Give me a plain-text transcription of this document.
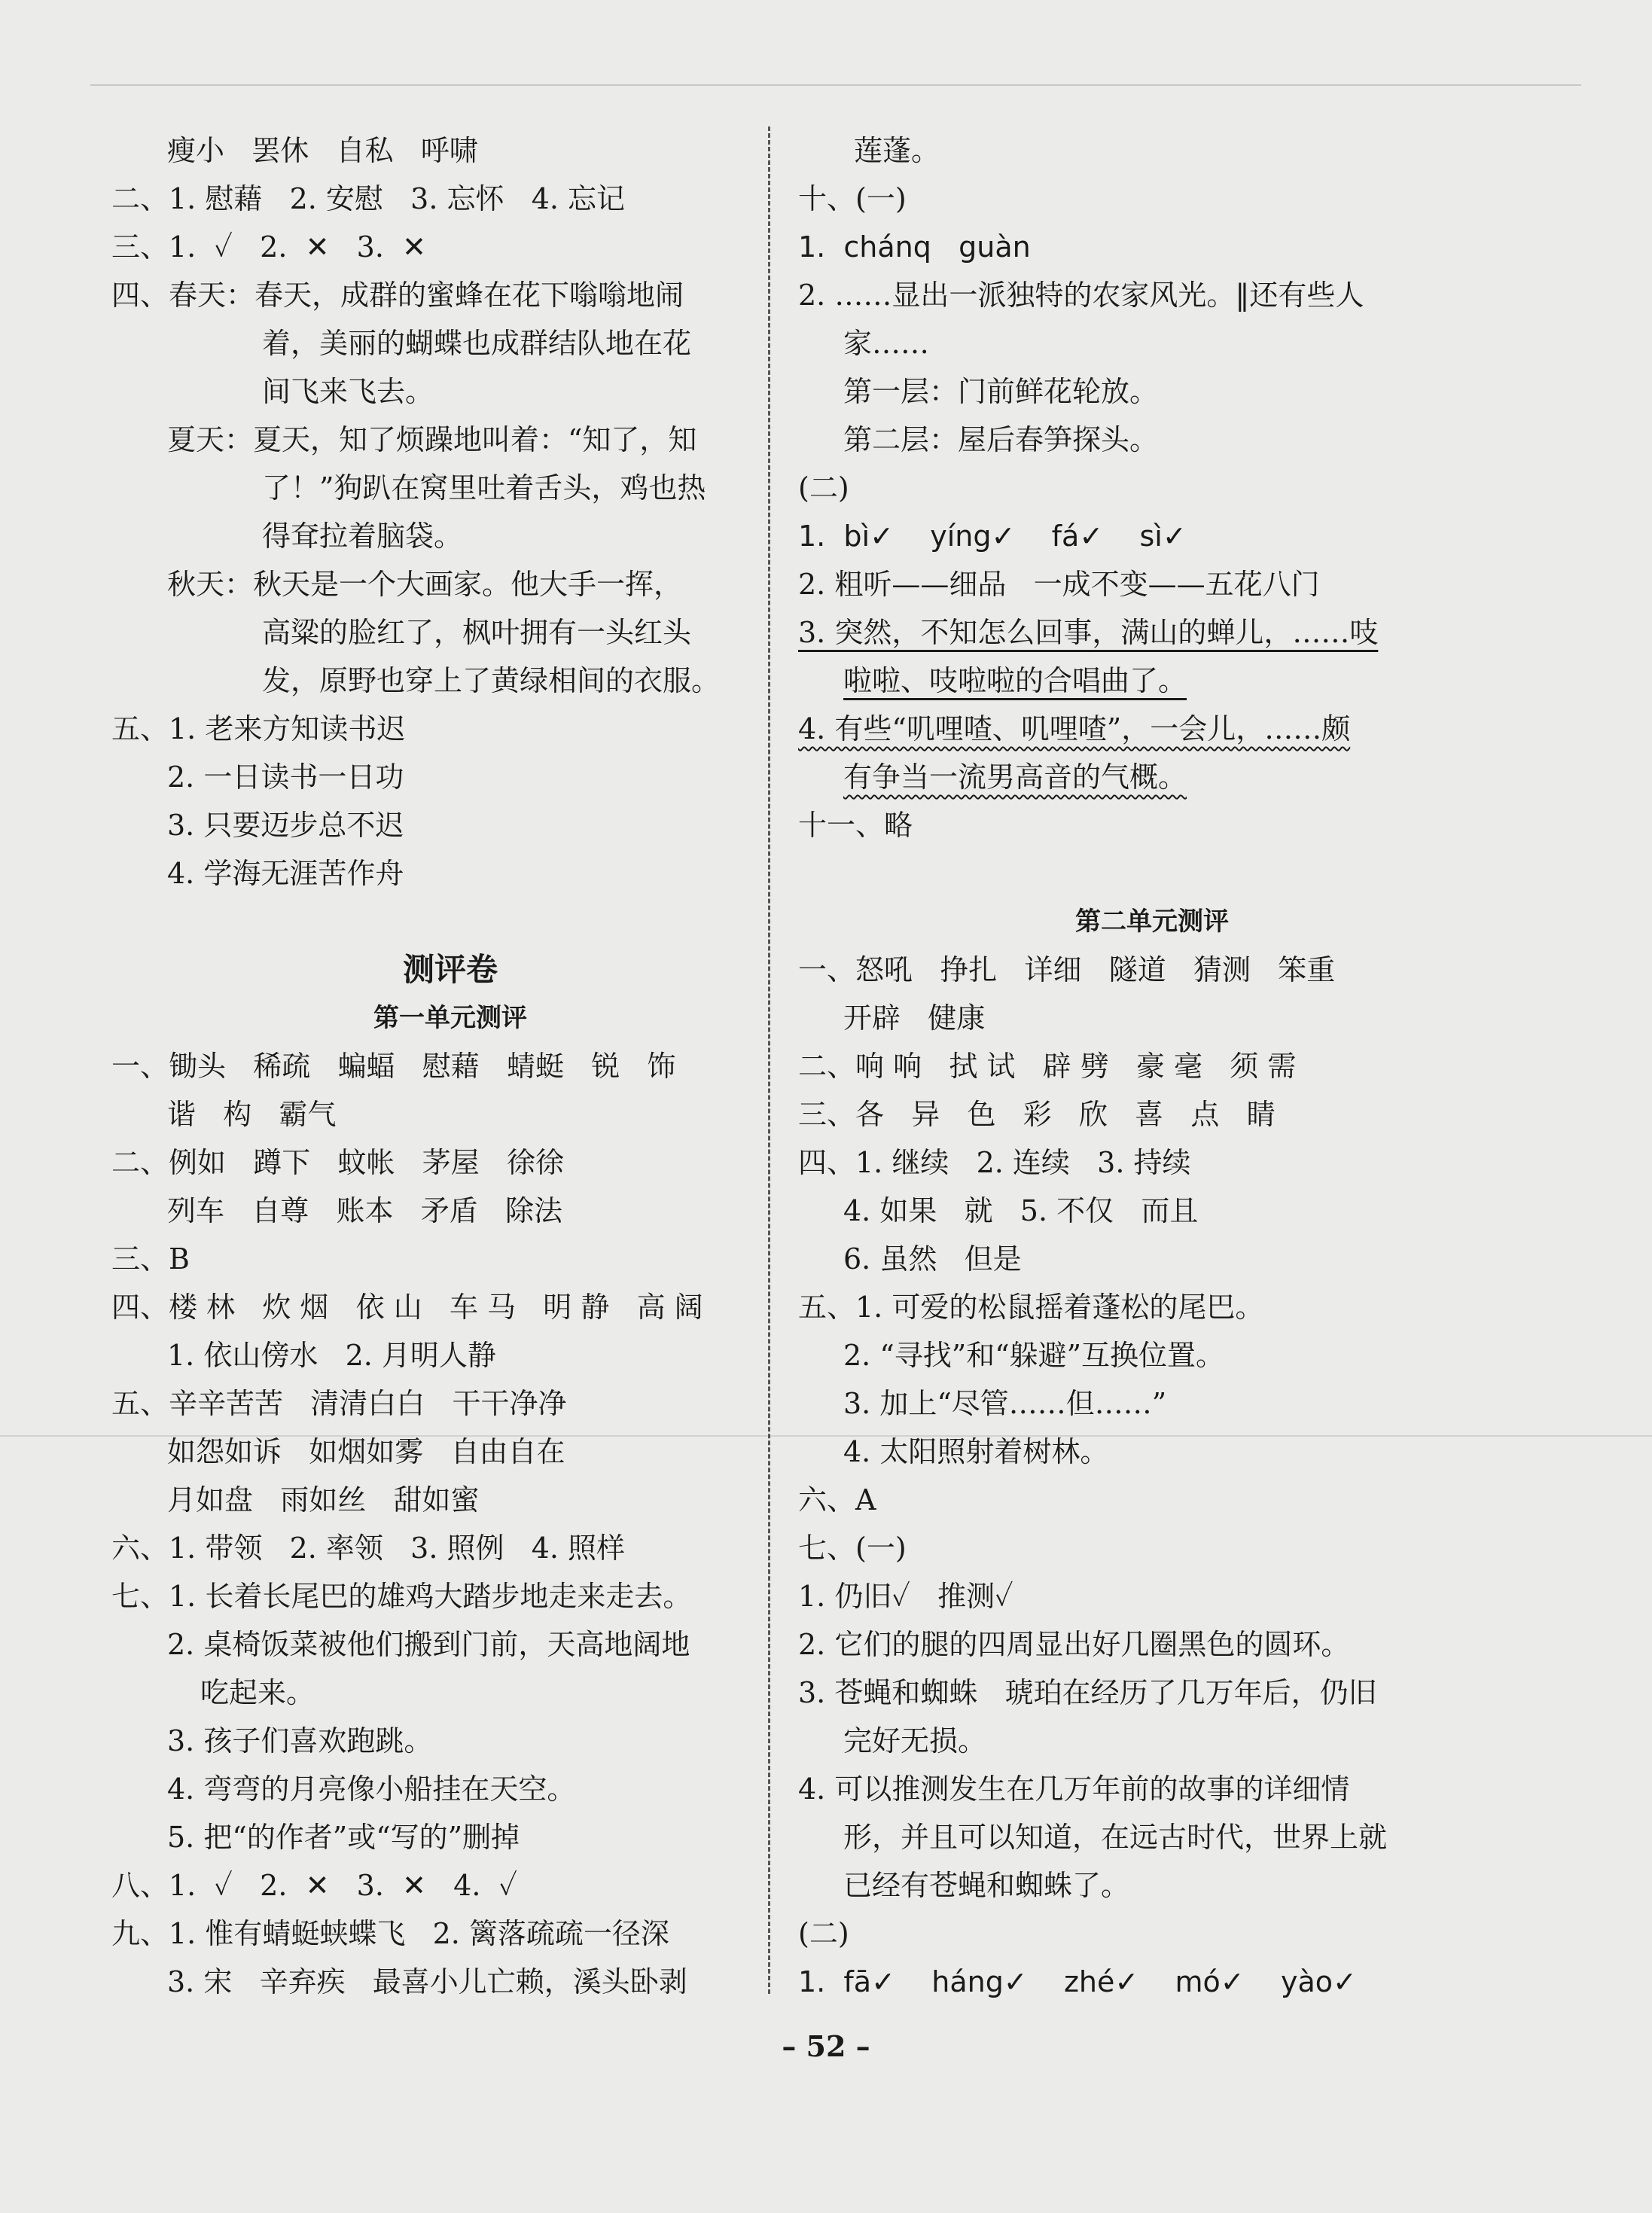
瘦小   罢休   自私   呼啸
二、1. 慰藉   2. 安慰   3. 忘怀   4. 忘记
三、1.  ✓   2.  ✕   3.  ✕
四、春天：春天，成群的蜜蜂在花下嗡嗡地闹
着，美丽的蝴蝶也成群结队地在花
间飞来飞去。
夏天：夏天，知了烦躁地叫着：“知了，知
了！”狗趴在窝里吐着舌头，鸡也热
得耷拉着脑袋。
秋天：秋天是一个大画家。他大手一挥，
高粱的脸红了，枫叶拥有一头红头
发，原野也穿上了黄绿相间的衣服。
五、1. 老来方知读书迟
2. 一日读书一日功
3. 只要迈步总不迟
4. 学海无涯苦作舟
测评卷
第一单元测评
一、锄头   稀疏   蝙蝠   慰藉   蜻蜓   锐   饰
谐   构   霸气
二、例如   蹲下   蚊帐   茅屋   徐徐
列车   自尊   账本   矛盾   除法
三、B
四、楼 林   炊 烟   依 山   车 马   明 静   高 阔
1. 依山傍水   2. 月明人静
五、辛辛苦苦   清清白白   干干净净
如怨如诉   如烟如雾   自由自在
月如盘   雨如丝   甜如蜜
六、1. 带领   2. 率领   3. 照例   4. 照样
七、1. 长着长尾巴的雄鸡大踏步地走来走去。
2. 桌椅饭菜被他们搬到门前，天高地阔地
吃起来。
3. 孩子们喜欢跑跳。
4. 弯弯的月亮像小船挂在天空。
5. 把“的作者”或“写的”删掉
八、1.  ✓   2.  ✕   3.  ✕   4.  ✓
九、1. 惟有蜻蜓蛱蝶飞   2. 篱落疏疏一径深
3. 宋   辛弃疾   最喜小儿亡赖，溪头卧剥
莲蓬。
十、(一)
1.  chánq   guàn
2. ……显出一派独特的农家风光。‖还有些人
家……
第一层：门前鲜花轮放。
第二层：屋后春笋探头。
(二)
1.  bì✓    yíng✓    fá✓    sì✓
2. 粗听——细品   一成不变——五花八门
3. 突然，不知怎么回事，满山的蝉儿，……吱
啦啦、吱啦啦的合唱曲了。
4. 有些“叽哩喳、叽哩喳”，一会儿，……颇
有争当一流男高音的气概。
十一、略
第二单元测评
一、怒吼   挣扎   详细   隧道   猜测   笨重
开辟   健康
二、响 响   拭 试   辟 劈   豪 毫   须 需
三、各   异   色   彩   欣   喜   点   睛
四、1. 继续   2. 连续   3. 持续
4. 如果   就   5. 不仅   而且
6. 虽然   但是
五、1. 可爱的松鼠摇着蓬松的尾巴。
2. “寻找”和“躲避”互换位置。
3. 加上“尽管……但……”
4. 太阳照射着树林。
六、A
七、(一)
1. 仍旧✓   推测✓
2. 它们的腿的四周显出好几圈黑色的圆环。
3. 苍蝇和蜘蛛   琥珀在经历了几万年后，仍旧
完好无损。
4. 可以推测发生在几万年前的故事的详细情
形，并且可以知道，在远古时代，世界上就
已经有苍蝇和蜘蛛了。
(二)
1.  fā✓    háng✓    zhé✓    mó✓    yào✓
– 52 –
